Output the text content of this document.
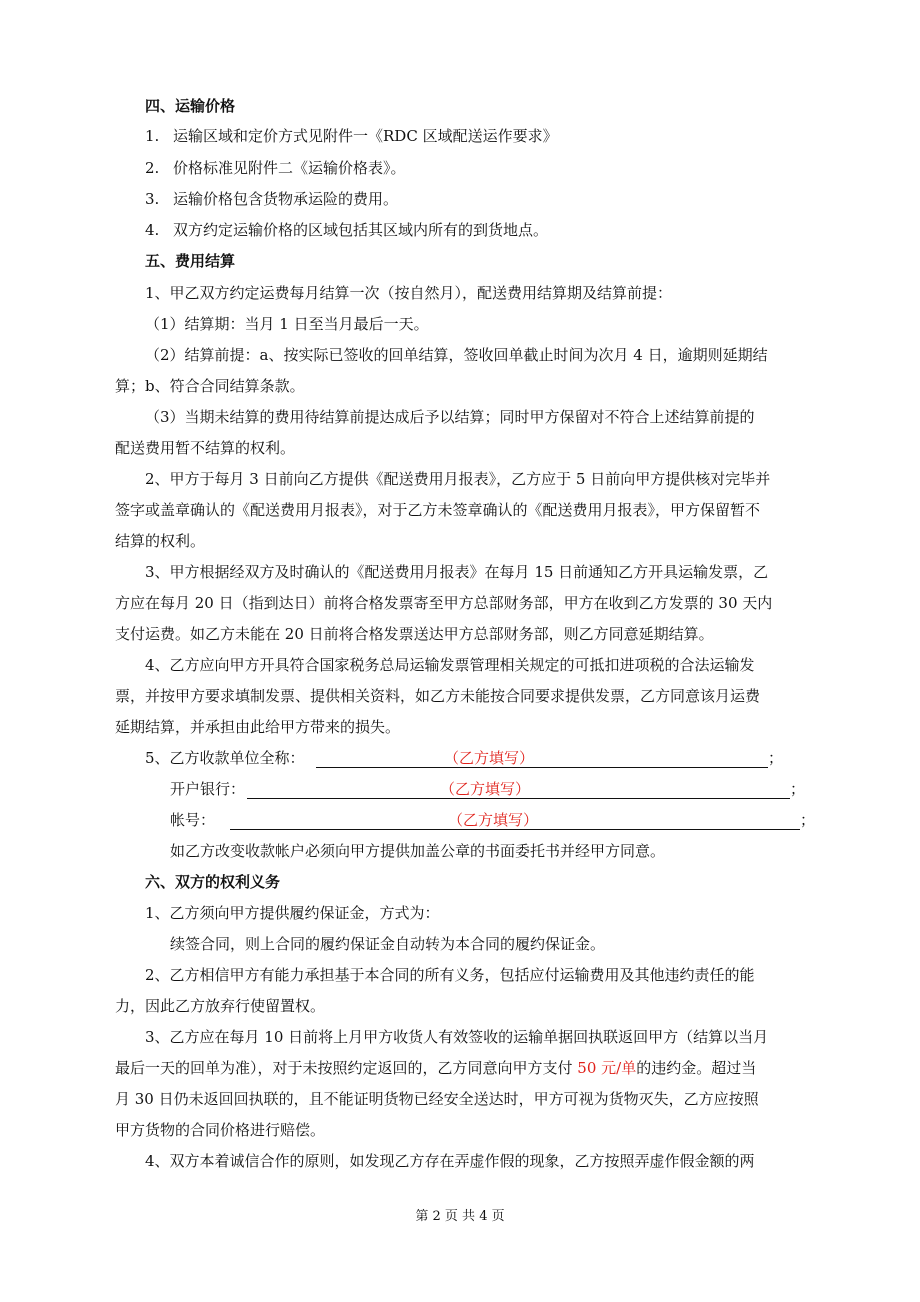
四、运输价格
1. 运输区域和定价方式见附件一《RDC 区域配送运作要求》
2. 价格标准见附件二《运输价格表》。
3. 运输价格包含货物承运险的费用。
4. 双方约定运输价格的区域包括其区域内所有的到货地点。
五、费用结算
1、甲乙双方约定运费每月结算一次（按自然月），配送费用结算期及结算前提：
（1）结算期：当月 1 日至当月最后一天。
（2）结算前提：a、按实际已签收的回单结算，签收回单截止时间为次月 4 日，逾期则延期结
算；b、符合合同结算条款。
（3）当期未结算的费用待结算前提达成后予以结算；同时甲方保留对不符合上述结算前提的
配送费用暂不结算的权利。
2、甲方于每月 3 日前向乙方提供《配送费用月报表》，乙方应于 5 日前向甲方提供核对完毕并
签字或盖章确认的《配送费用月报表》，对于乙方未签章确认的《配送费用月报表》，甲方保留暂不
结算的权利。
3、甲方根据经双方及时确认的《配送费用月报表》在每月 15 日前通知乙方开具运输发票，乙
方应在每月 20 日（指到达日）前将合格发票寄至甲方总部财务部，甲方在收到乙方发票的 30 天内
支付运费。如乙方未能在 20 日前将合格发票送达甲方总部财务部，则乙方同意延期结算。
4、乙方应向甲方开具符合国家税务总局运输发票管理相关规定的可抵扣进项税的合法运输发
票，并按甲方要求填制发票、提供相关资料，如乙方未能按合同要求提供发票，乙方同意该月运费
延期结算，并承担由此给甲方带来的损失。
5、乙方收款单位全称：	（乙方填写）	；
开户银行：	（乙方填写）	；
帐号：	（乙方填写）	；
如乙方改变收款帐户必须向甲方提供加盖公章的书面委托书并经甲方同意。
六、双方的权利义务
1、乙方须向甲方提供履约保证金，方式为：
续签合同，则上合同的履约保证金自动转为本合同的履约保证金。
2、乙方相信甲方有能力承担基于本合同的所有义务，包括应付运输费用及其他违约责任的能
力，因此乙方放弃行使留置权。
3、乙方应在每月 10 日前将上月甲方收货人有效签收的运输单据回执联返回甲方（结算以当月
最后一天的回单为准），对于未按照约定返回的，乙方同意向甲方支付 50 元/单的违约金。超过当
月 30 日仍未返回回执联的，且不能证明货物已经安全送达时，甲方可视为货物灭失，乙方应按照
甲方货物的合同价格进行赔偿。
4、双方本着诚信合作的原则，如发现乙方存在弄虚作假的现象，乙方按照弄虚作假金额的两
第 2 页 共 4 页
